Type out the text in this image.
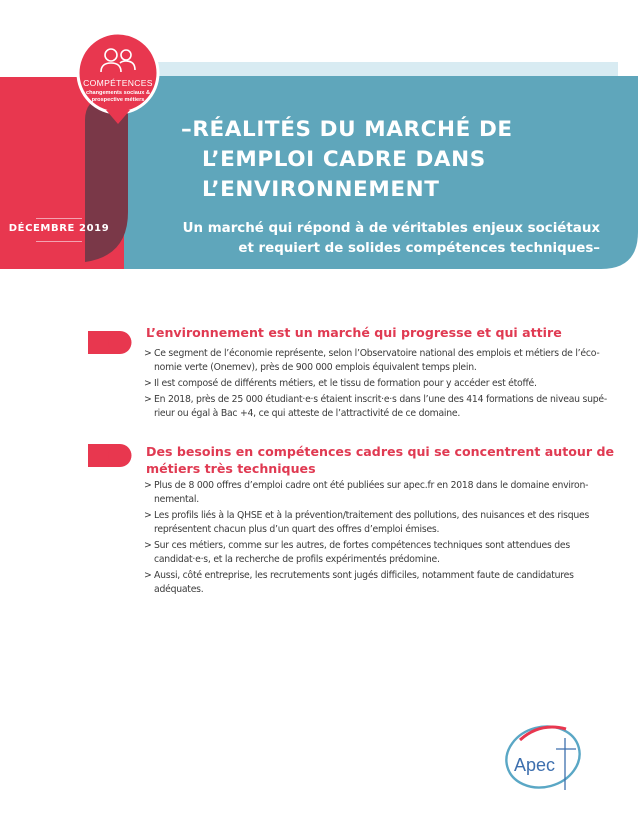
COMPÉTENCES
changements sociaux &
prospective métiers
–RÉALITÉS DU MARCHÉ DE
L’EMPLOI CADRE DANS
L’ENVIRONNEMENT
Un marché qui répond à de véritables enjeux sociétaux
et requiert de solides compétences techniques–
DÉCEMBRE 2019
L’environnement est un marché qui progresse et qui attire
> Ce segment de l’économie représente, selon l’Observatoire national des emplois et métiers de l’éco-
nomie verte (Onemev), près de 900 000 emplois équivalent temps plein.
> Il est composé de différents métiers, et le tissu de formation pour y accéder est étoffé.
> En 2018, près de 25 000 étudiant·e·s étaient inscrit·e·s dans l’une des 414 formations de niveau supé-
rieur ou égal à Bac +4, ce qui atteste de l’attractivité de ce domaine.
Des besoins en compétences cadres qui se concentrent autour de
métiers très techniques
> Plus de 8 000 offres d’emploi cadre ont été publiées sur apec.fr en 2018 dans le domaine environ-
nemental.
> Les profils liés à la QHSE et à la prévention/traitement des pollutions, des nuisances et des risques
représentent chacun plus d’un quart des offres d’emploi émises.
> Sur ces métiers, comme sur les autres, de fortes compétences techniques sont attendues des
candidat·e·s, et la recherche de profils expérimentés prédomine.
> Aussi, côté entreprise, les recrutements sont jugés difficiles, notamment faute de candidatures
adéquates.
Apec
